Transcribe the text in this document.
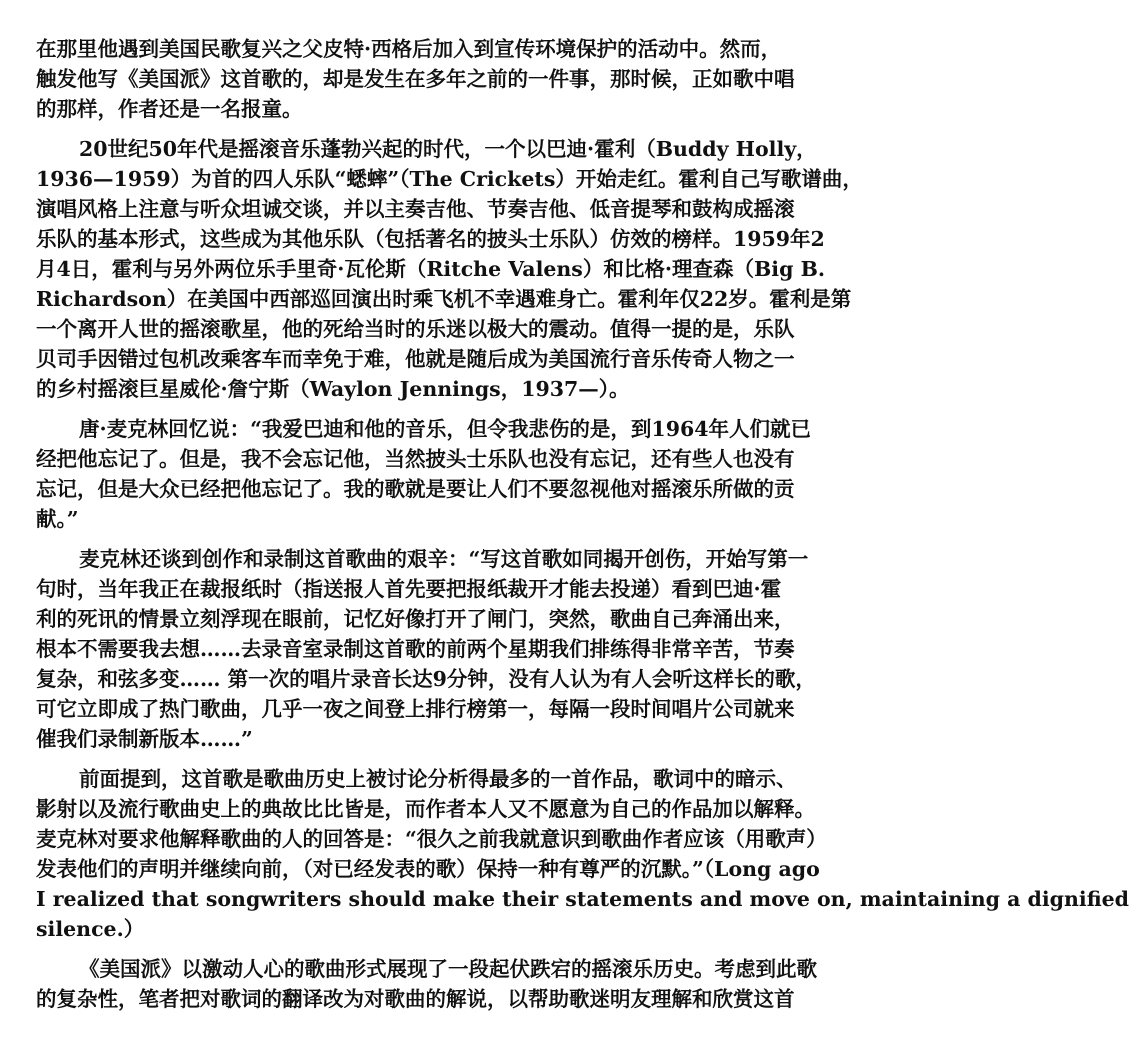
在那里他遇到美国民歌复兴之父皮特·西格后加入到宣传环境保护的活动中。然而，
触发他写《美国派》这首歌的，却是发生在多年之前的一件事，那时候，正如歌中唱
的那样，作者还是一名报童。
20世纪50年代是摇滚音乐蓬勃兴起的时代，一个以巴迪·霍利（Buddy Holly，
1936—1959）为首的四人乐队“蟋蟀”（The Crickets）开始走红。霍利自己写歌谱曲，
演唱风格上注意与听众坦诚交谈，并以主奏吉他、节奏吉他、低音提琴和鼓构成摇滚
乐队的基本形式，这些成为其他乐队（包括著名的披头士乐队）仿效的榜样。1959年2
月4日，霍利与另外两位乐手里奇·瓦伦斯（Ritche Valens）和比格·理查森（Big B.
Richardson）在美国中西部巡回演出时乘飞机不幸遇难身亡。霍利年仅22岁。霍利是第
一个离开人世的摇滚歌星，他的死给当时的乐迷以极大的震动。值得一提的是，乐队
贝司手因错过包机改乘客车而幸免于难，他就是随后成为美国流行音乐传奇人物之一
的乡村摇滚巨星威伦·詹宁斯（Waylon Jennings，1937—）。
唐·麦克林回忆说：“我爱巴迪和他的音乐，但令我悲伤的是，到1964年人们就已
经把他忘记了。但是，我不会忘记他，当然披头士乐队也没有忘记，还有些人也没有
忘记，但是大众已经把他忘记了。我的歌就是要让人们不要忽视他对摇滚乐所做的贡
献。”
麦克林还谈到创作和录制这首歌曲的艰辛：“写这首歌如同揭开创伤，开始写第一
句时，当年我正在裁报纸时（指送报人首先要把报纸裁开才能去投递）看到巴迪·霍
利的死讯的情景立刻浮现在眼前，记忆好像打开了闸门，突然，歌曲自己奔涌出来，
根本不需要我去想……去录音室录制这首歌的前两个星期我们排练得非常辛苦，节奏
复杂，和弦多变…… 第一次的唱片录音长达9分钟，没有人认为有人会听这样长的歌，
可它立即成了热门歌曲，几乎一夜之间登上排行榜第一，每隔一段时间唱片公司就来
催我们录制新版本……”
前面提到，这首歌是歌曲历史上被讨论分析得最多的一首作品，歌词中的暗示、
影射以及流行歌曲史上的典故比比皆是，而作者本人又不愿意为自己的作品加以解释。
麦克林对要求他解释歌曲的人的回答是：“很久之前我就意识到歌曲作者应该（用歌声）
发表他们的声明并继续向前，（对已经发表的歌）保持一种有尊严的沉默。”（Long ago
I realized that songwriters should make their statements and move on, maintaining a dignified
silence.）
《美国派》以激动人心的歌曲形式展现了一段起伏跌宕的摇滚乐历史。考虑到此歌
的复杂性，笔者把对歌词的翻译改为对歌曲的解说，以帮助歌迷明友理解和欣赏这首
